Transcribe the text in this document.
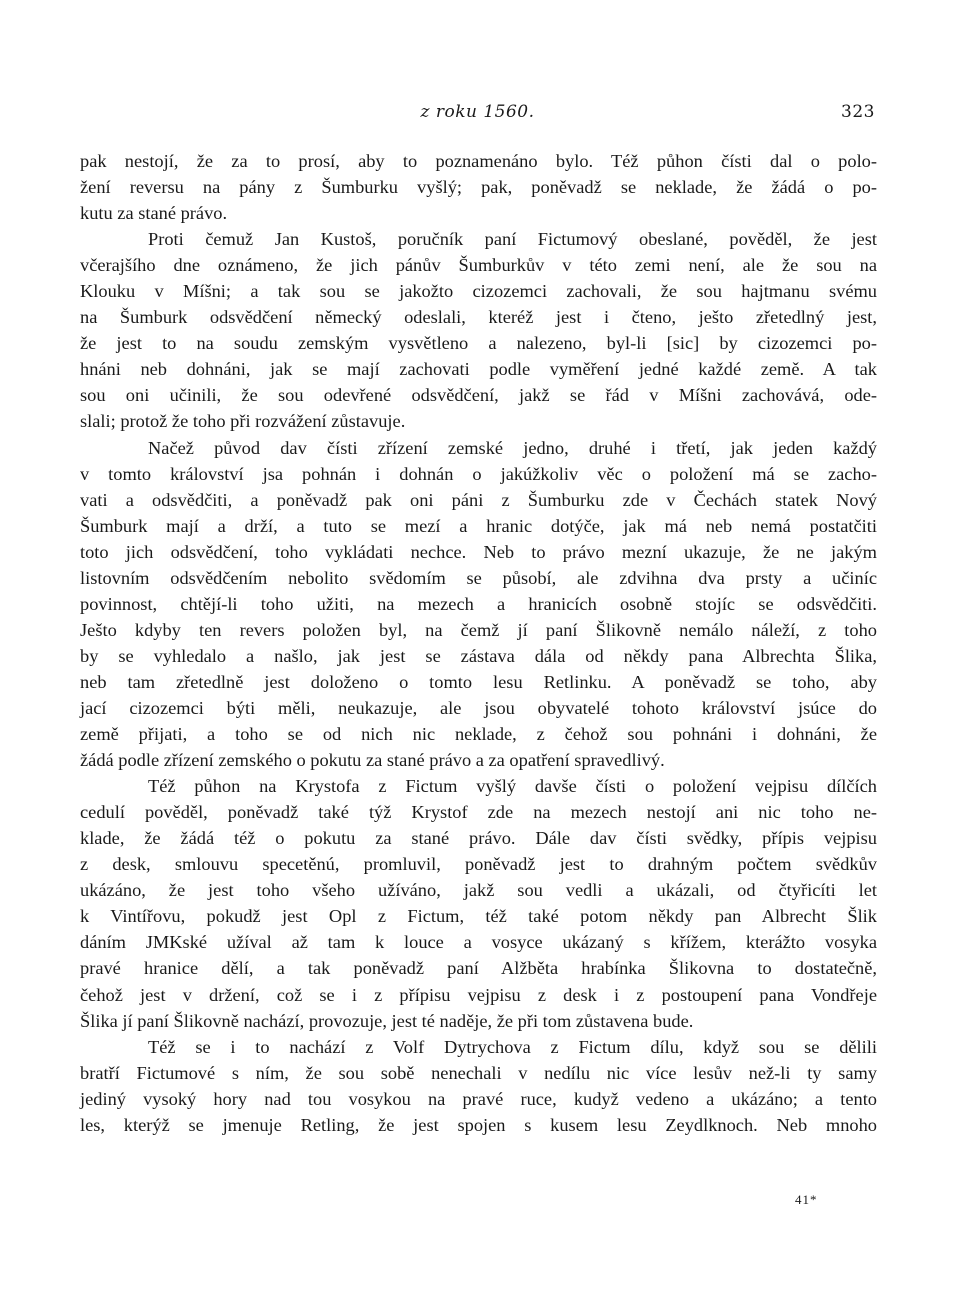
z roku 1560.	323
pak nestojí, že za to prosí, aby to poznamenáno bylo. Též půhon čísti dal o polo-
žení reversu na pány z Šumburku vyšlý; pak, poněvadž se neklade, že žádá o po-
kutu za stané právo.
Proti čemuž Jan Kustoš, poručník paní Fictumový obeslané, pověděl, že jest
včerajšího dne oznámeno, že jich pánův Šumburkův v této zemi není, ale že sou na
Klouku v Míšni; a tak sou se jakožto cizozemci zachovali, že sou hajtmanu svému
na Šumburk odsvědčení německý odeslali, kteréž jest i čteno, ješto zřetedlný jest,
že jest to na soudu zemským vysvětleno a nalezeno, byl-li [sic] by cizozemci po-
hnáni neb dohnáni, jak se mají zachovati podle vyměření jedné každé země. A tak
sou oni učinili, že sou odevřené odsvědčení, jakž se řád v Míšni zachovává, ode-
slali; protož že toho při rozvážení zůstavuje.
Načež původ dav čísti zřízení zemské jedno, druhé i třetí, jak jeden každý
v tomto království jsa pohnán i dohnán o jakúžkoliv věc o položení má se zacho-
vati a odsvědčiti, a poněvadž pak oni páni z Šumburku zde v Čechách statek Nový
Šumburk mají a drží, a tuto se mezí a hranic dotýče, jak má neb nemá postatčiti
toto jich odsvědčení, toho vykládati nechce. Neb to právo mezní ukazuje, že ne jakým
listovním odsvědčením nebolito svědomím se působí, ale zdvihna dva prsty a učiníc
povinnost, chtějí-li toho užiti, na mezech a hranicích osobně stojíc se odsvědčiti.
Ješto kdyby ten revers položen byl, na čemž jí paní Šlikovně nemálo náleží, z toho
by se vyhledalo a našlo, jak jest se zástava dála od někdy pana Albrechta Šlika,
neb tam zřetedlně jest doloženo o tomto lesu Retlinku. A poněvadž se toho, aby
jací cizozemci býti měli, neukazuje, ale jsou obyvatelé tohoto království jsúce do
země přijati, a toho se od nich nic neklade, z čehož sou pohnáni i dohnáni, že
žádá podle zřízení zemského o pokutu za stané právo a za opatření spravedlivý.
Též půhon na Krystofa z Fictum vyšlý davše čísti o položení vejpisu dílčích
cedulí pověděl, poněvadž také týž Krystof zde na mezech nestojí ani nic toho ne-
klade, že žádá též o pokutu za stané právo. Dále dav čísti svědky, přípis vejpisu
z desk, smlouvu specetěnú, promluvil, poněvadž jest to drahným počtem svědkův
ukázáno, že jest toho všeho užíváno, jakž sou vedli a ukázali, od čtyřicíti let
k Vintířovu, pokudž jest Opl z Fictum, též také potom někdy pan Albrecht Šlik
dáním JMKské užíval až tam k louce a vosyce ukázaný s křížem, kterážto vosyka
pravé hranice dělí, a tak poněvadž paní Alžběta hrabínka Šlikovna to dostatečně,
čehož jest v držení, což se i z přípisu vejpisu z desk i z postoupení pana Vondřeje
Šlika jí paní Šlikovně nachází, provozuje, jest té naděje, že při tom zůstavena bude.
Též se i to nachází z Volf Dytrychova z Fictum dílu, když sou se dělili
bratří Fictumové s ním, že sou sobě nenechali v nedílu nic více lesův než-li ty samy
jediný vysoký hory nad tou vosykou na pravé ruce, kudyž vedeno a ukázáno; a tento
les, kterýž se jmenuje Retling, že jest spojen s kusem lesu Zeydlknoch. Neb mnoho
41*
